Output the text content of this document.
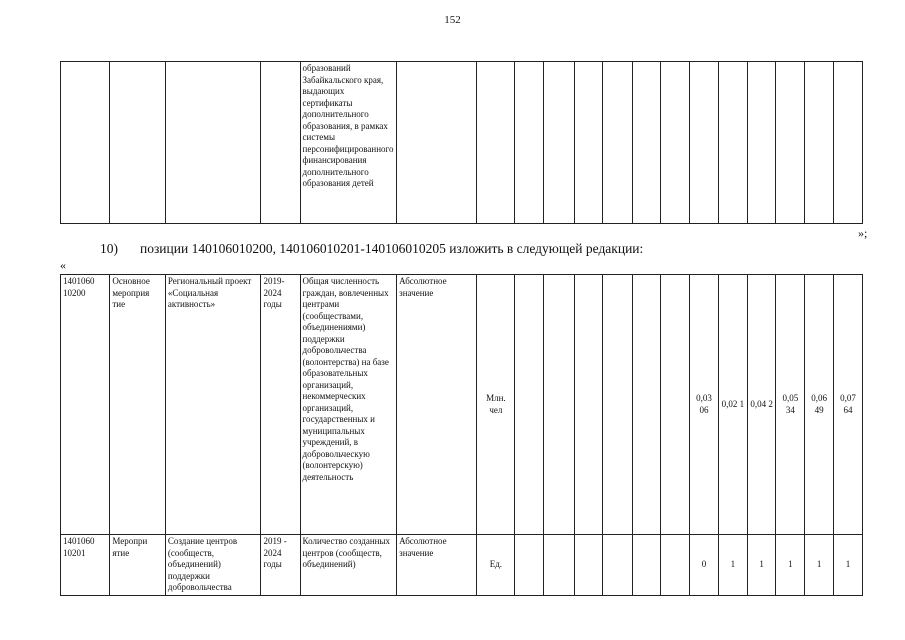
152
				образований Забайкальского края, выдающих сертификаты дополнительного образования, в рамках системы персонифицированного финансирования дополнительного образования детей														
»;
10) позиции 140106010200, 140106010201-140106010205 изложить в следующей редакции:
«
1401060 10200	Основное мероприя тие	Региональный проект «Социальная активность»	2019-2024 годы	Общая численность граждан, вовлеченных центрами (сообществами, объединениями) поддержки добровольчества (волонтерства) на базе образовательных организаций, некоммерческих организаций, государственных и муниципальных учреждений, в добровольческую (волонтерскую) деятельность	Абсолютное значение	Млн. чел							0,03 06	0,02 1	0,04 2	0,05 34	0,06 49	0,07 64
1401060 10201	Меропри ятие	Создание центров (сообществ, объединений) поддержки добровольчества	2019 - 2024 годы	Количество созданных центров (сообществ, объединений)	Абсолютное значение	Ед.							0	1	1	1	1	1
